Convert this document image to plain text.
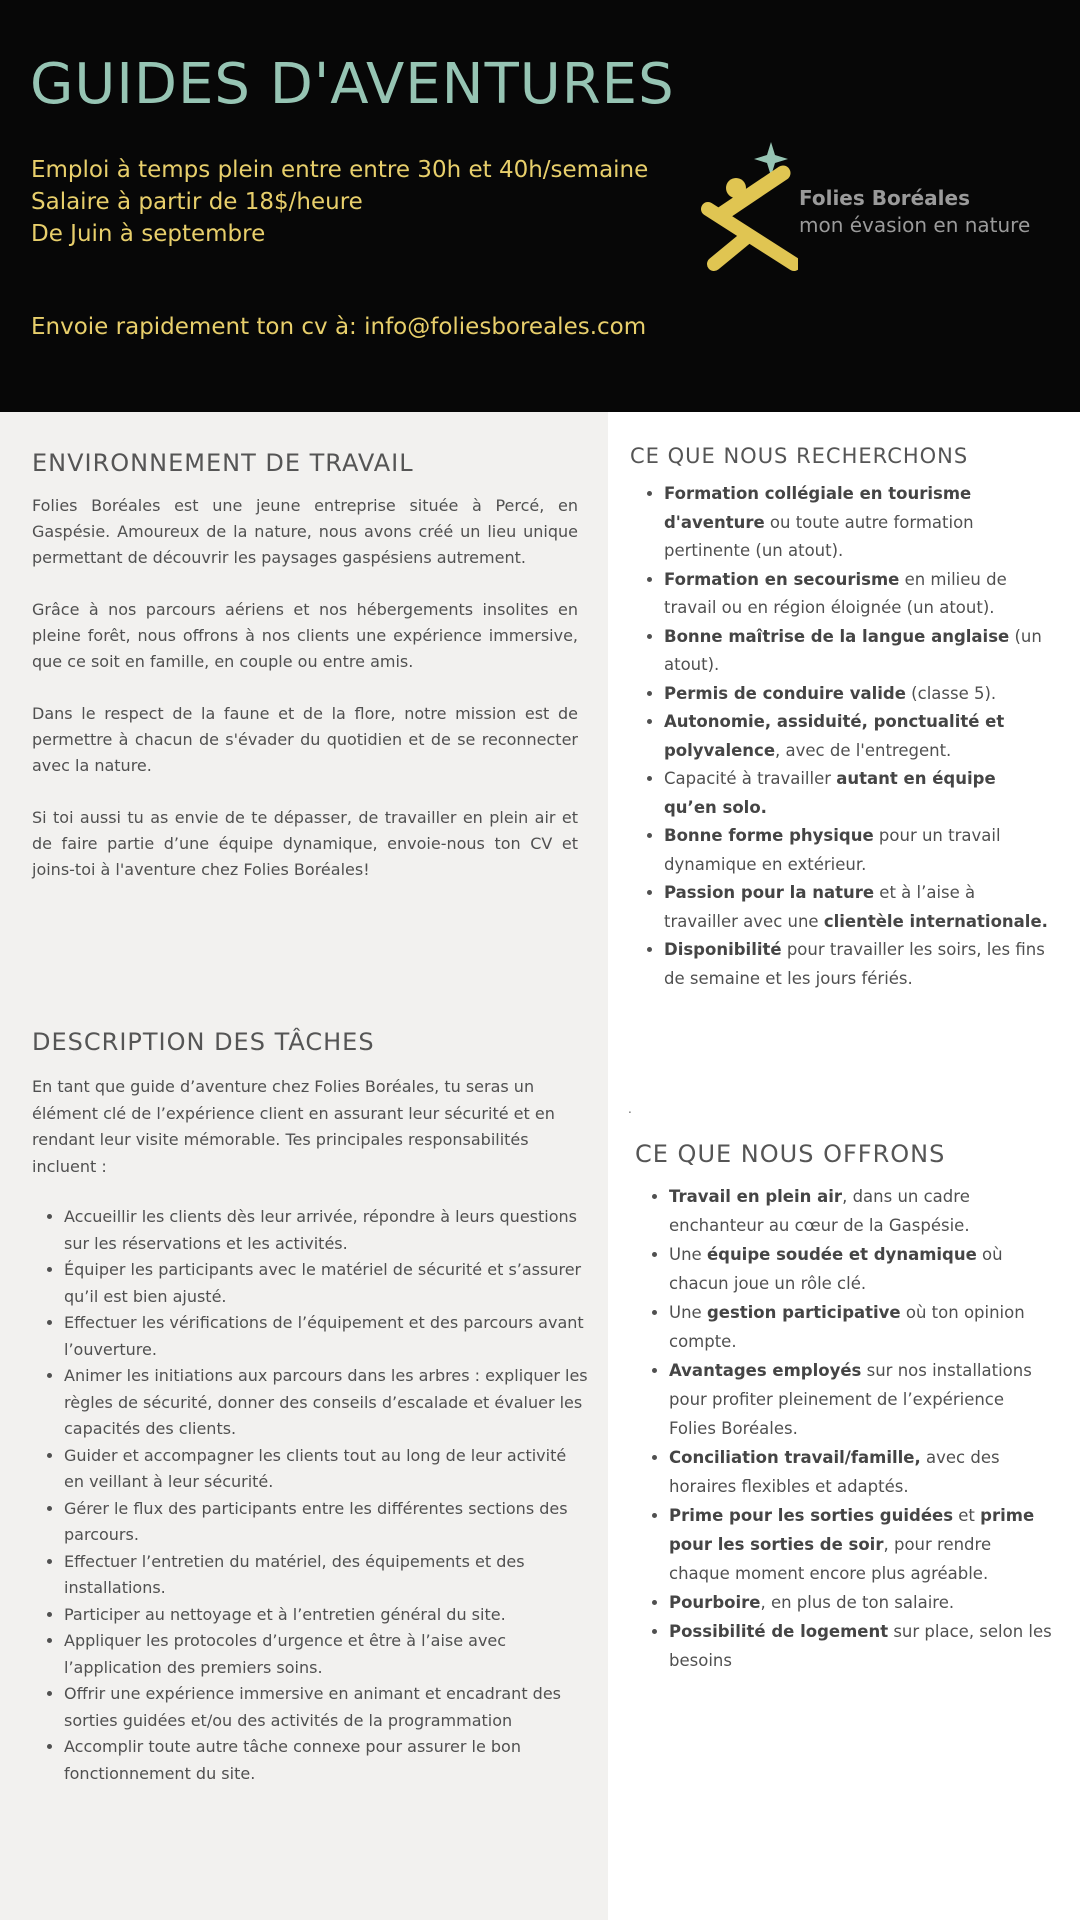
GUIDES D'AVENTURES
Emploi à temps plein entre entre 30h et 40h/semaine
Salaire à partir de 18$/heure
De Juin à septembre
Envoie rapidement ton cv à: info@foliesboreales.com
Folies Boréales
mon évasion en nature
ENVIRONNEMENT DE TRAVAIL

Folies Boréales est une jeune entreprise située à Percé, en Gaspésie. Amoureux de la nature, nous avons créé un lieu unique permettant de découvrir les paysages gaspésiens autrement.

Grâce à nos parcours aériens et nos hébergements insolites en pleine forêt, nous offrons à nos clients une expérience immersive, que ce soit en famille, en couple ou entre amis.

Dans le respect de la faune et de la flore, notre mission est de permettre à chacun de s'évader du quotidien et de se reconnecter avec la nature.

Si toi aussi tu as envie de te dépasser, de travailler en plein air et de faire partie d’une équipe dynamique, envoie-nous ton CV et joins-toi à l'aventure chez Folies Boréales!

DESCRIPTION DES TÂCHES

En tant que guide d’aventure chez Folies Boréales, tu seras un élément clé de l’expérience client en assurant leur sécurité et en rendant leur visite mémorable. Tes principales responsabilités incluent :

• Accueillir les clients dès leur arrivée, répondre à leurs questions sur les réservations et les activités.
• Équiper les participants avec le matériel de sécurité et s’assurer qu’il est bien ajusté.
• Effectuer les vérifications de l’équipement et des parcours avant l’ouverture.
• Animer les initiations aux parcours dans les arbres : expliquer les règles de sécurité, donner des conseils d’escalade et évaluer les capacités des clients.
• Guider et accompagner les clients tout au long de leur activité en veillant à leur sécurité.
• Gérer le flux des participants entre les différentes sections des parcours.
• Effectuer l’entretien du matériel, des équipements et des installations.
• Participer au nettoyage et à l’entretien général du site.
• Appliquer les protocoles d’urgence et être à l’aise avec l’application des premiers soins.
• Offrir une expérience immersive en animant et encadrant des sorties guidées et/ou des activités de la programmation
• Accomplir toute autre tâche connexe pour assurer le bon fonctionnement du site.
CE QUE NOUS RECHERCHONS
• Formation collégiale en tourisme d'aventure ou toute autre formation pertinente (un atout).
• Formation en secourisme en milieu de travail ou en région éloignée (un atout).
• Bonne maîtrise de la langue anglaise (un atout).
• Permis de conduire valide (classe 5).
• Autonomie, assiduité, ponctualité et polyvalence, avec de l'entregent.
• Capacité à travailler autant en équipe qu’en solo.
• Bonne forme physique pour un travail dynamique en extérieur.
• Passion pour la nature et à l’aise à travailler avec une clientèle internationale.
• Disponibilité pour travailler les soirs, les fins de semaine et les jours fériés.
.
CE QUE NOUS OFFRONS
• Travail en plein air, dans un cadre enchanteur au cœur de la Gaspésie.
• Une équipe soudée et dynamique où chacun joue un rôle clé.
• Une gestion participative où ton opinion compte.
• Avantages employés sur nos installations pour profiter pleinement de l’expérience Folies Boréales.
• Conciliation travail/famille, avec des horaires flexibles et adaptés.
• Prime pour les sorties guidées et prime pour les sorties de soir, pour rendre chaque moment encore plus agréable.
• Pourboire, en plus de ton salaire.
• Possibilité de logement sur place, selon les besoins
